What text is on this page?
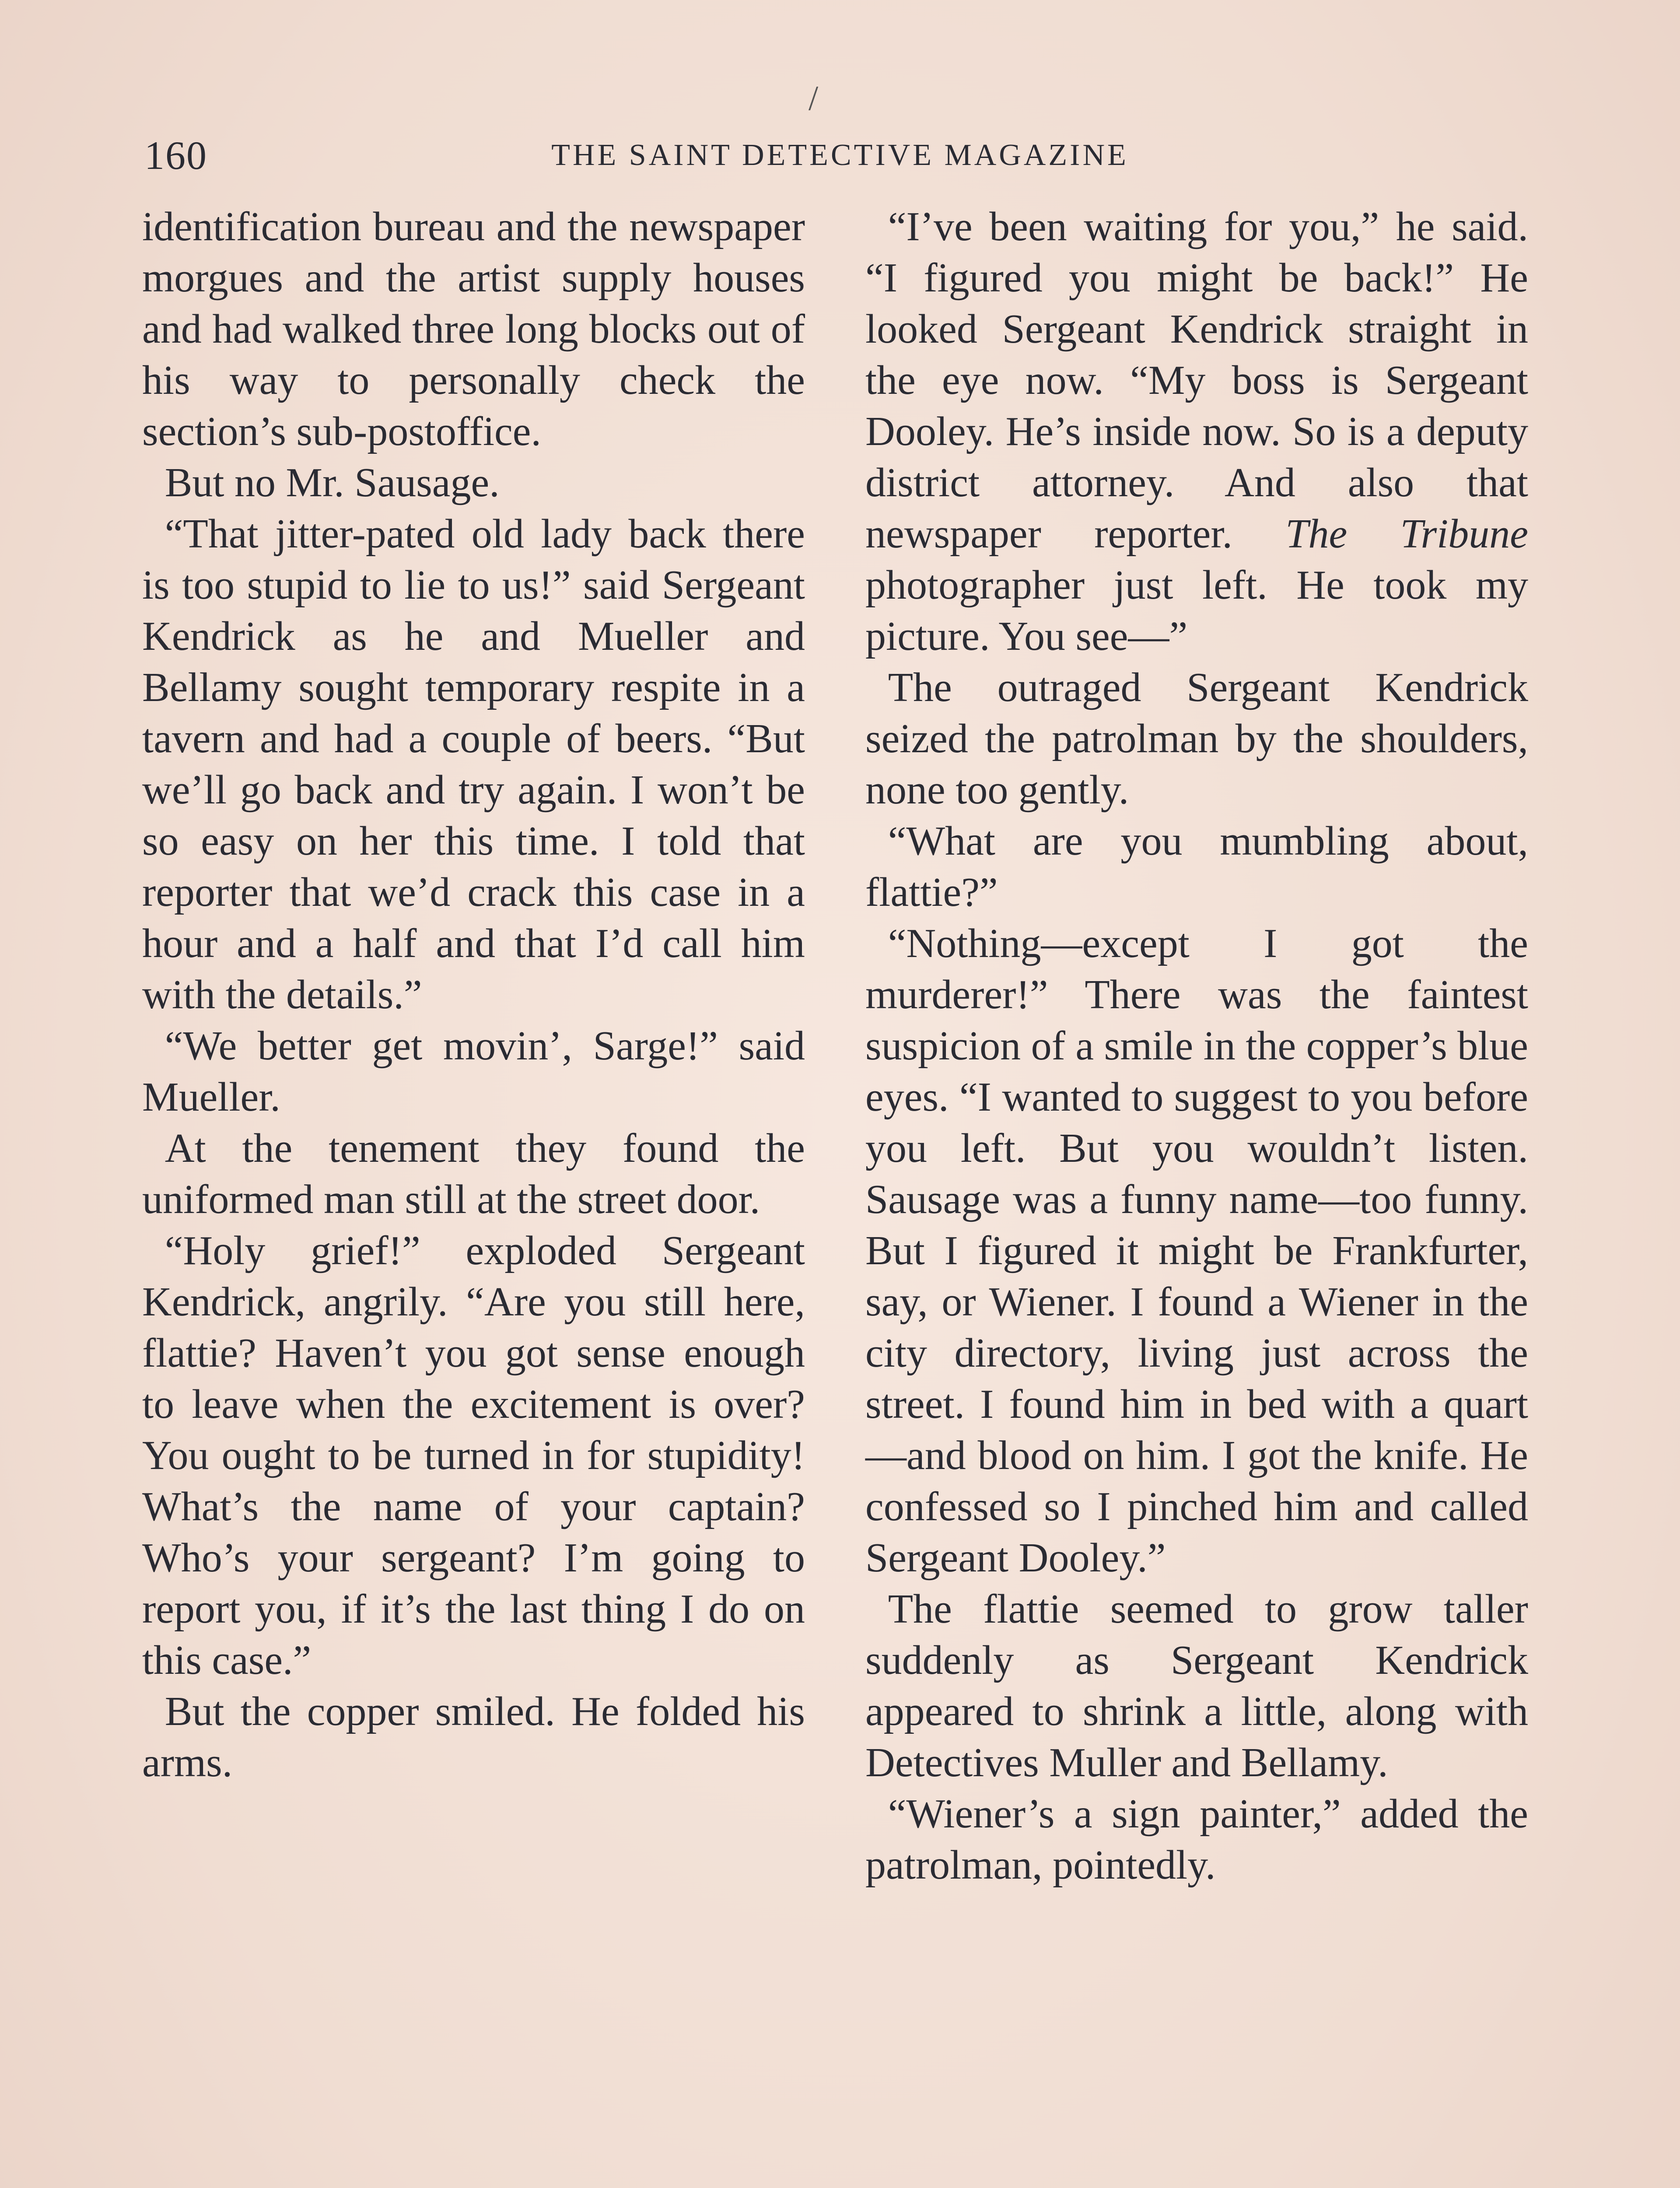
/
160	THE SAINT DETECTIVE MAGAZINE

identification bureau and the newspaper morgues and the artist supply houses and had walked three long blocks out of his way to personally check the section’s sub-postoffice.

But no Mr. Sausage.

“That jitter-pated old lady back there is too stupid to lie to us!” said Sergeant Kendrick as he and Mueller and Bellamy sought temporary respite in a tavern and had a couple of beers. “But we’ll go back and try again. I won’t be so easy on her this time. I told that reporter that we’d crack this case in a hour and a half and that I’d call him with the details.”

“We better get movin’, Sarge!” said Mueller.

At the tenement they found the uniformed man still at the street door.

“Holy grief!” exploded Sergeant Kendrick, angrily. “Are you still here, flattie? Haven’t you got sense enough to leave when the excitement is over? You ought to be turned in for stupidity! What’s the name of your captain? Who’s your sergeant? I’m going to report you, if it’s the last thing I do on this case.”

But the copper smiled. He folded his arms.

“I’ve been waiting for you,” he said. “I figured you might be back!” He looked Sergeant Kendrick straight in the eye now. “My boss is Sergeant Dooley. He’s inside now. So is a deputy district attorney. And also that newspaper reporter. The Tribune photographer just left. He took my picture. You see—”

The outraged Sergeant Kendrick seized the patrolman by the shoulders, none too gently.

“What are you mumbling about, flattie?”

“Nothing—except I got the murderer!” There was the faintest suspicion of a smile in the copper’s blue eyes. “I wanted to suggest to you before you left. But you wouldn’t listen. Sausage was a funny name—too funny. But I figured it might be Frankfurter, say, or Wiener. I found a Wiener in the city directory, living just across the street. I found him in bed with a quart—and blood on him. I got the knife. He confessed so I pinched him and called Sergeant Dooley.”

The flattie seemed to grow taller suddenly as Sergeant Kendrick appeared to shrink a little, along with Detectives Muller and Bellamy.

“Wiener’s a sign painter,” added the patrolman, pointedly.
